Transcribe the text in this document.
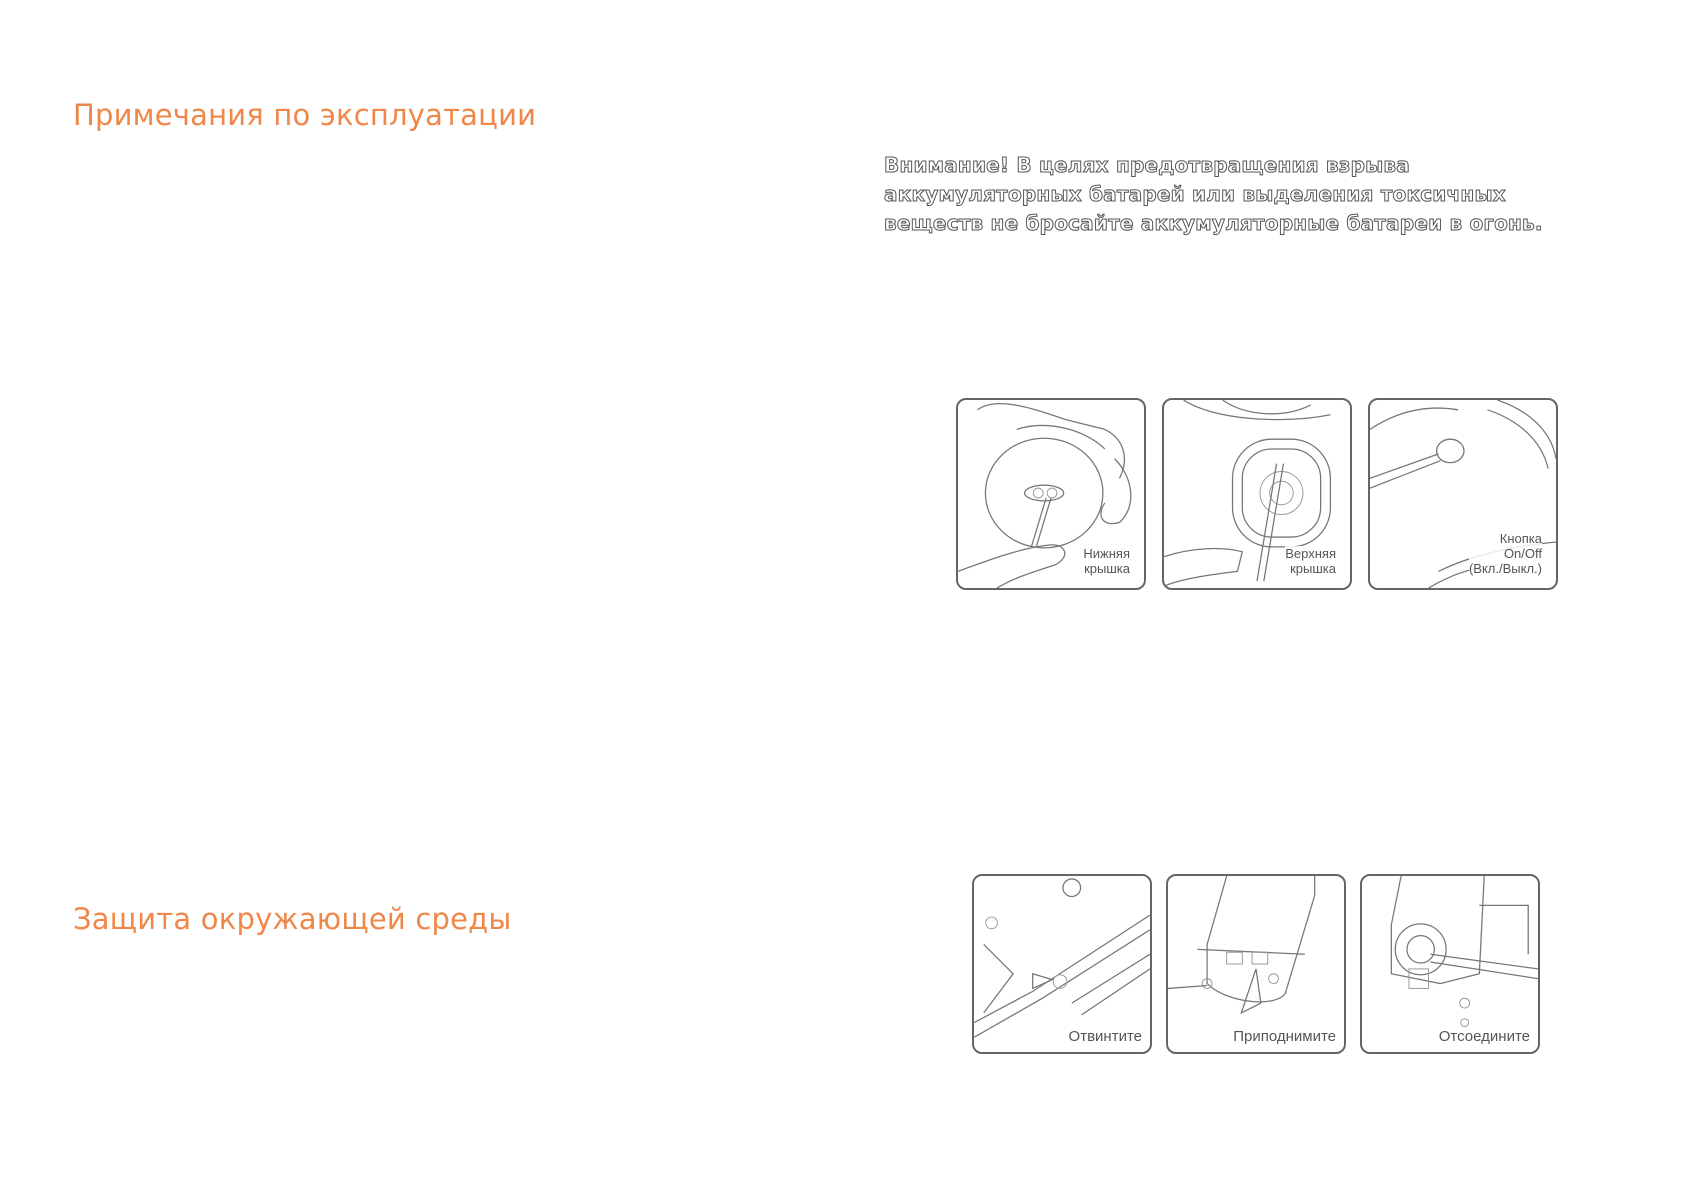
Примечания по эксплуатации
Защита окружающей среды

Внимание! В целях предотвращения взрыва аккумуляторных батарей или выделения токсичных веществ не бросайте аккумуляторные батареи в огонь.

Нижняя
крышка
Верхняя
крышка
Кнопка
On/Off
(Вкл./Выкл.)
Отвинтите	Приподнимите	Отсоедините
